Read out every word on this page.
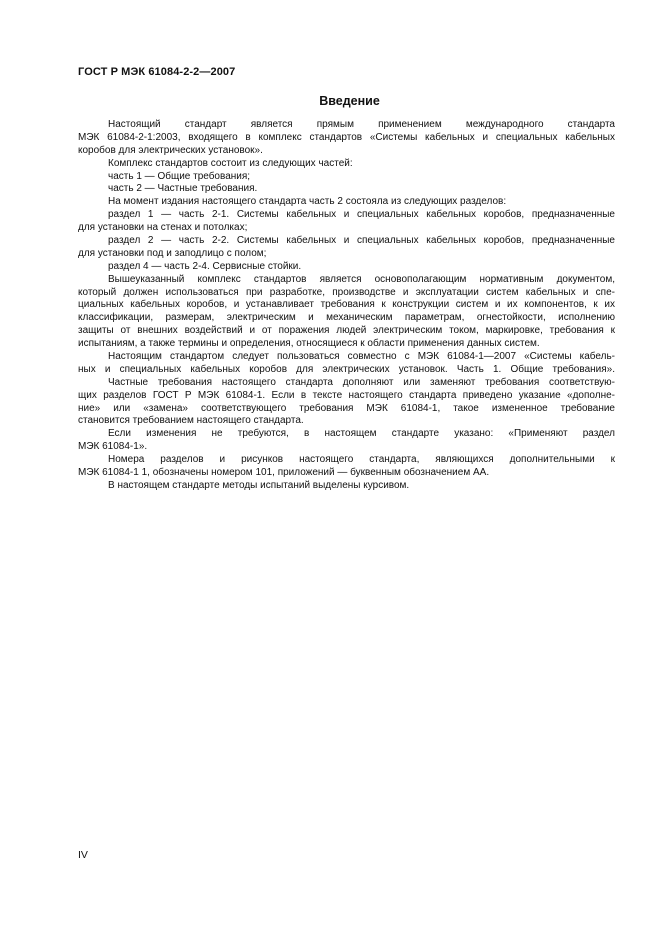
ГОСТ Р МЭК 61084-2-2—2007
Введение
Настоящий стандарт является прямым применением международного стандарта
МЭК 61084-2-1:2003, входящего в комплекс стандартов «Системы кабельных и специальных кабельных
коробов для электрических установок».
Комплекс стандартов состоит из следующих частей:
часть 1 — Общие требования;
часть 2 — Частные требования.
На момент издания настоящего стандарта часть 2 состояла из следующих разделов:
раздел 1 — часть 2-1. Системы кабельных и специальных кабельных коробов, предназначенные
для установки на стенах и потолках;
раздел 2 — часть 2-2. Системы кабельных и специальных кабельных коробов, предназначенные
для установки под и заподлицо с полом;
раздел 4 — часть 2-4. Сервисные стойки.
Вышеуказанный комплекс стандартов является основополагающим нормативным документом,
который должен использоваться при разработке, производстве и эксплуатации систем кабельных и спе-
циальных кабельных коробов, и устанавливает требования к конструкции систем и их компонентов, к их
классификации, размерам, электрическим и механическим параметрам, огнестойкости, исполнению
защиты от внешних воздействий и от поражения людей электрическим током, маркировке, требования к
испытаниям, а также термины и определения, относящиеся к области применения данных систем.
Настоящим стандартом следует пользоваться совместно с МЭК 61084-1—2007 «Системы кабель-
ных и специальных кабельных коробов для электрических установок. Часть 1. Общие требования».
Частные требования настоящего стандарта дополняют или заменяют требования соответствую-
щих разделов ГОСТ Р МЭК 61084-1. Если в тексте настоящего стандарта приведено указание «дополне-
ние» или «замена» соответствующего требования МЭК 61084-1, такое измененное требование
становится требованием настоящего стандарта.
Если изменения не требуются, в настоящем стандарте указано: «Применяют раздел
МЭК 61084-1».
Номера разделов и рисунков настоящего стандарта, являющихся дополнительными к
МЭК 61084-1 1, обозначены номером 101, приложений — буквенным обозначением АА.
В настоящем стандарте методы испытаний выделены курсивом.
IV
